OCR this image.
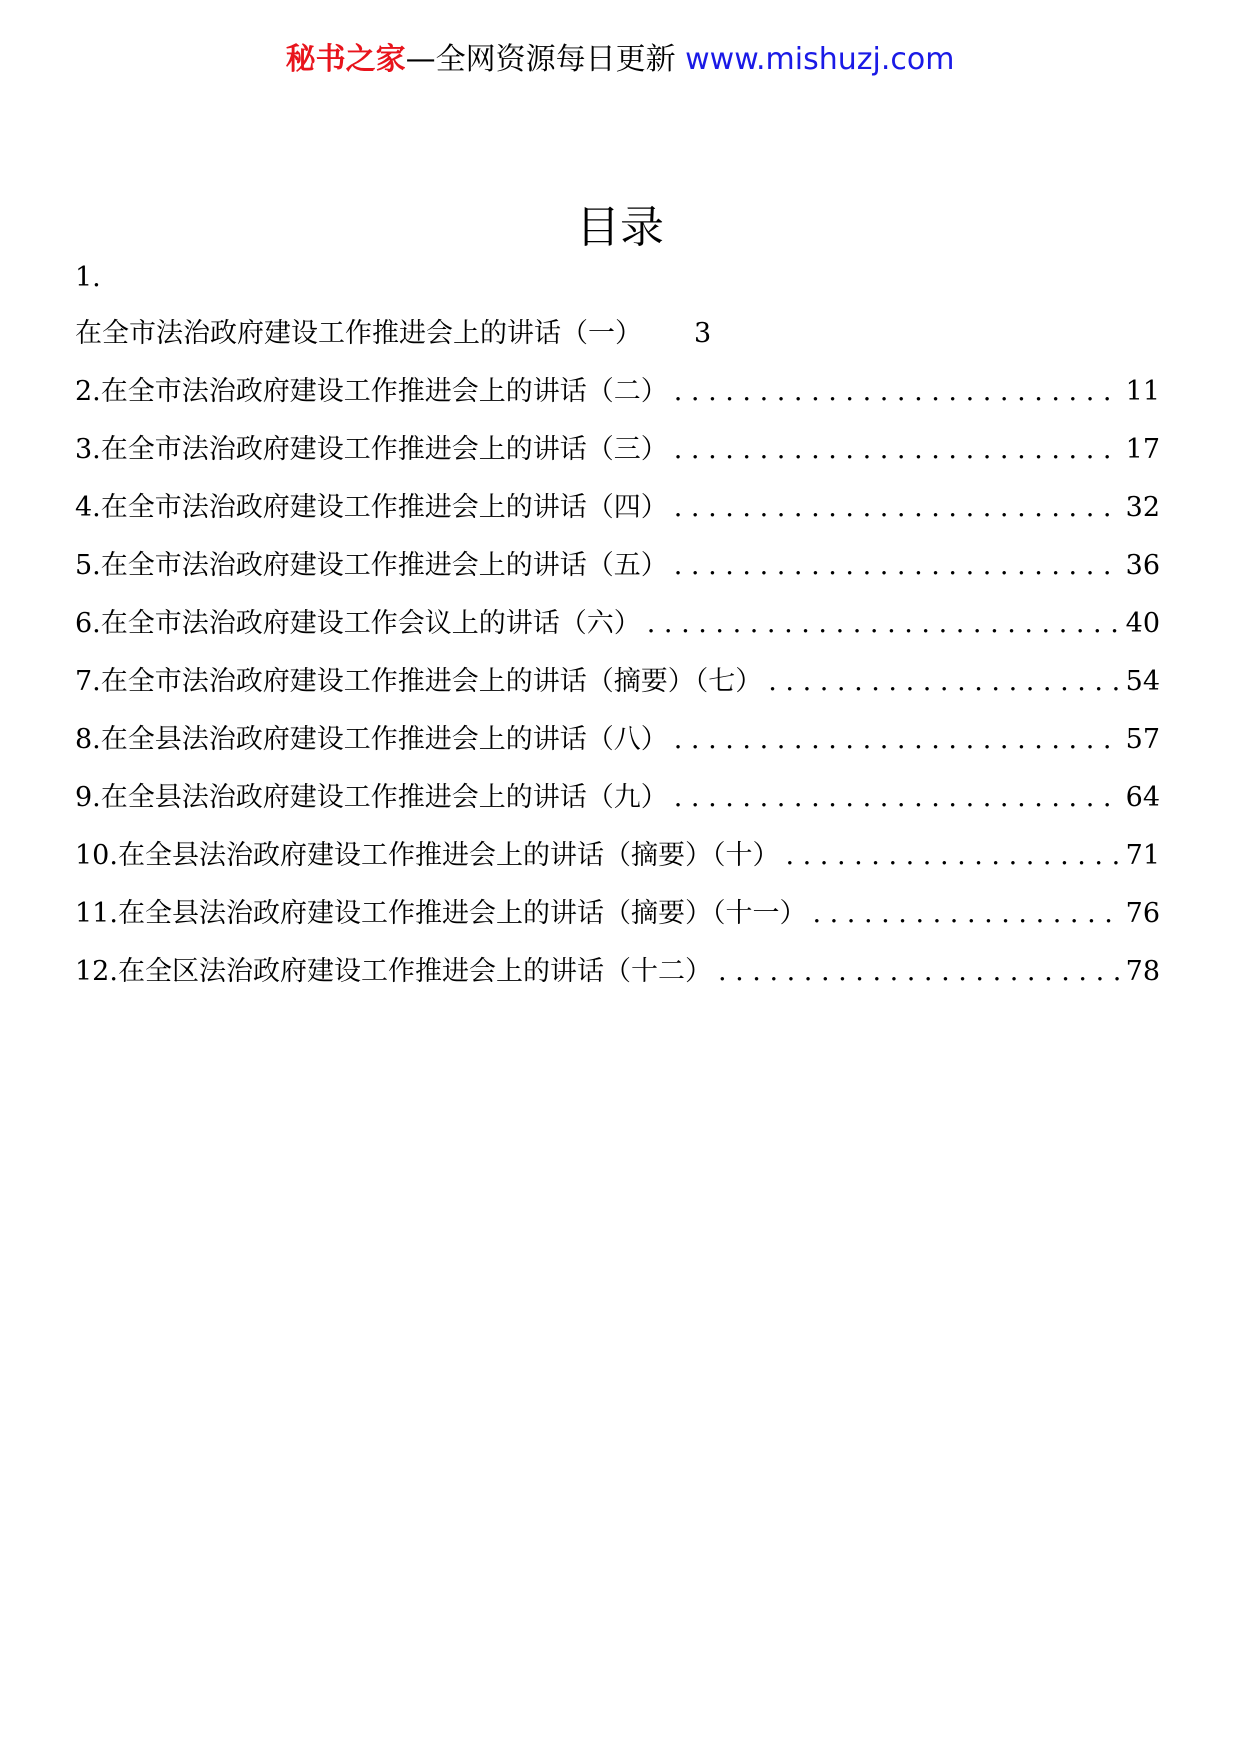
秘书之家—全网资源每日更新 www.mishuzj.com
目录
1.
在全市法治政府建设工作推进会上的讲话（一） 3
2.在全市法治政府建设工作推进会上的讲话（二） . . .	11
3.在全市法治政府建设工作推进会上的讲话（三） . . .	17
4.在全市法治政府建设工作推进会上的讲话（四） . . .	32
5.在全市法治政府建设工作推进会上的讲话（五） . . .	36
6.在全市法治政府建设工作会议上的讲话（六） . . .	40
7.在全市法治政府建设工作推进会上的讲话（摘要）（七） . . .	54
8.在全县法治政府建设工作推进会上的讲话（八） . . .	57
9.在全县法治政府建设工作推进会上的讲话（九） . . .	64
10.在全县法治政府建设工作推进会上的讲话（摘要）（十） . . .	71
11.在全县法治政府建设工作推进会上的讲话（摘要）（十一） . . .	76
12.在全区法治政府建设工作推进会上的讲话（十二） . . .	78
